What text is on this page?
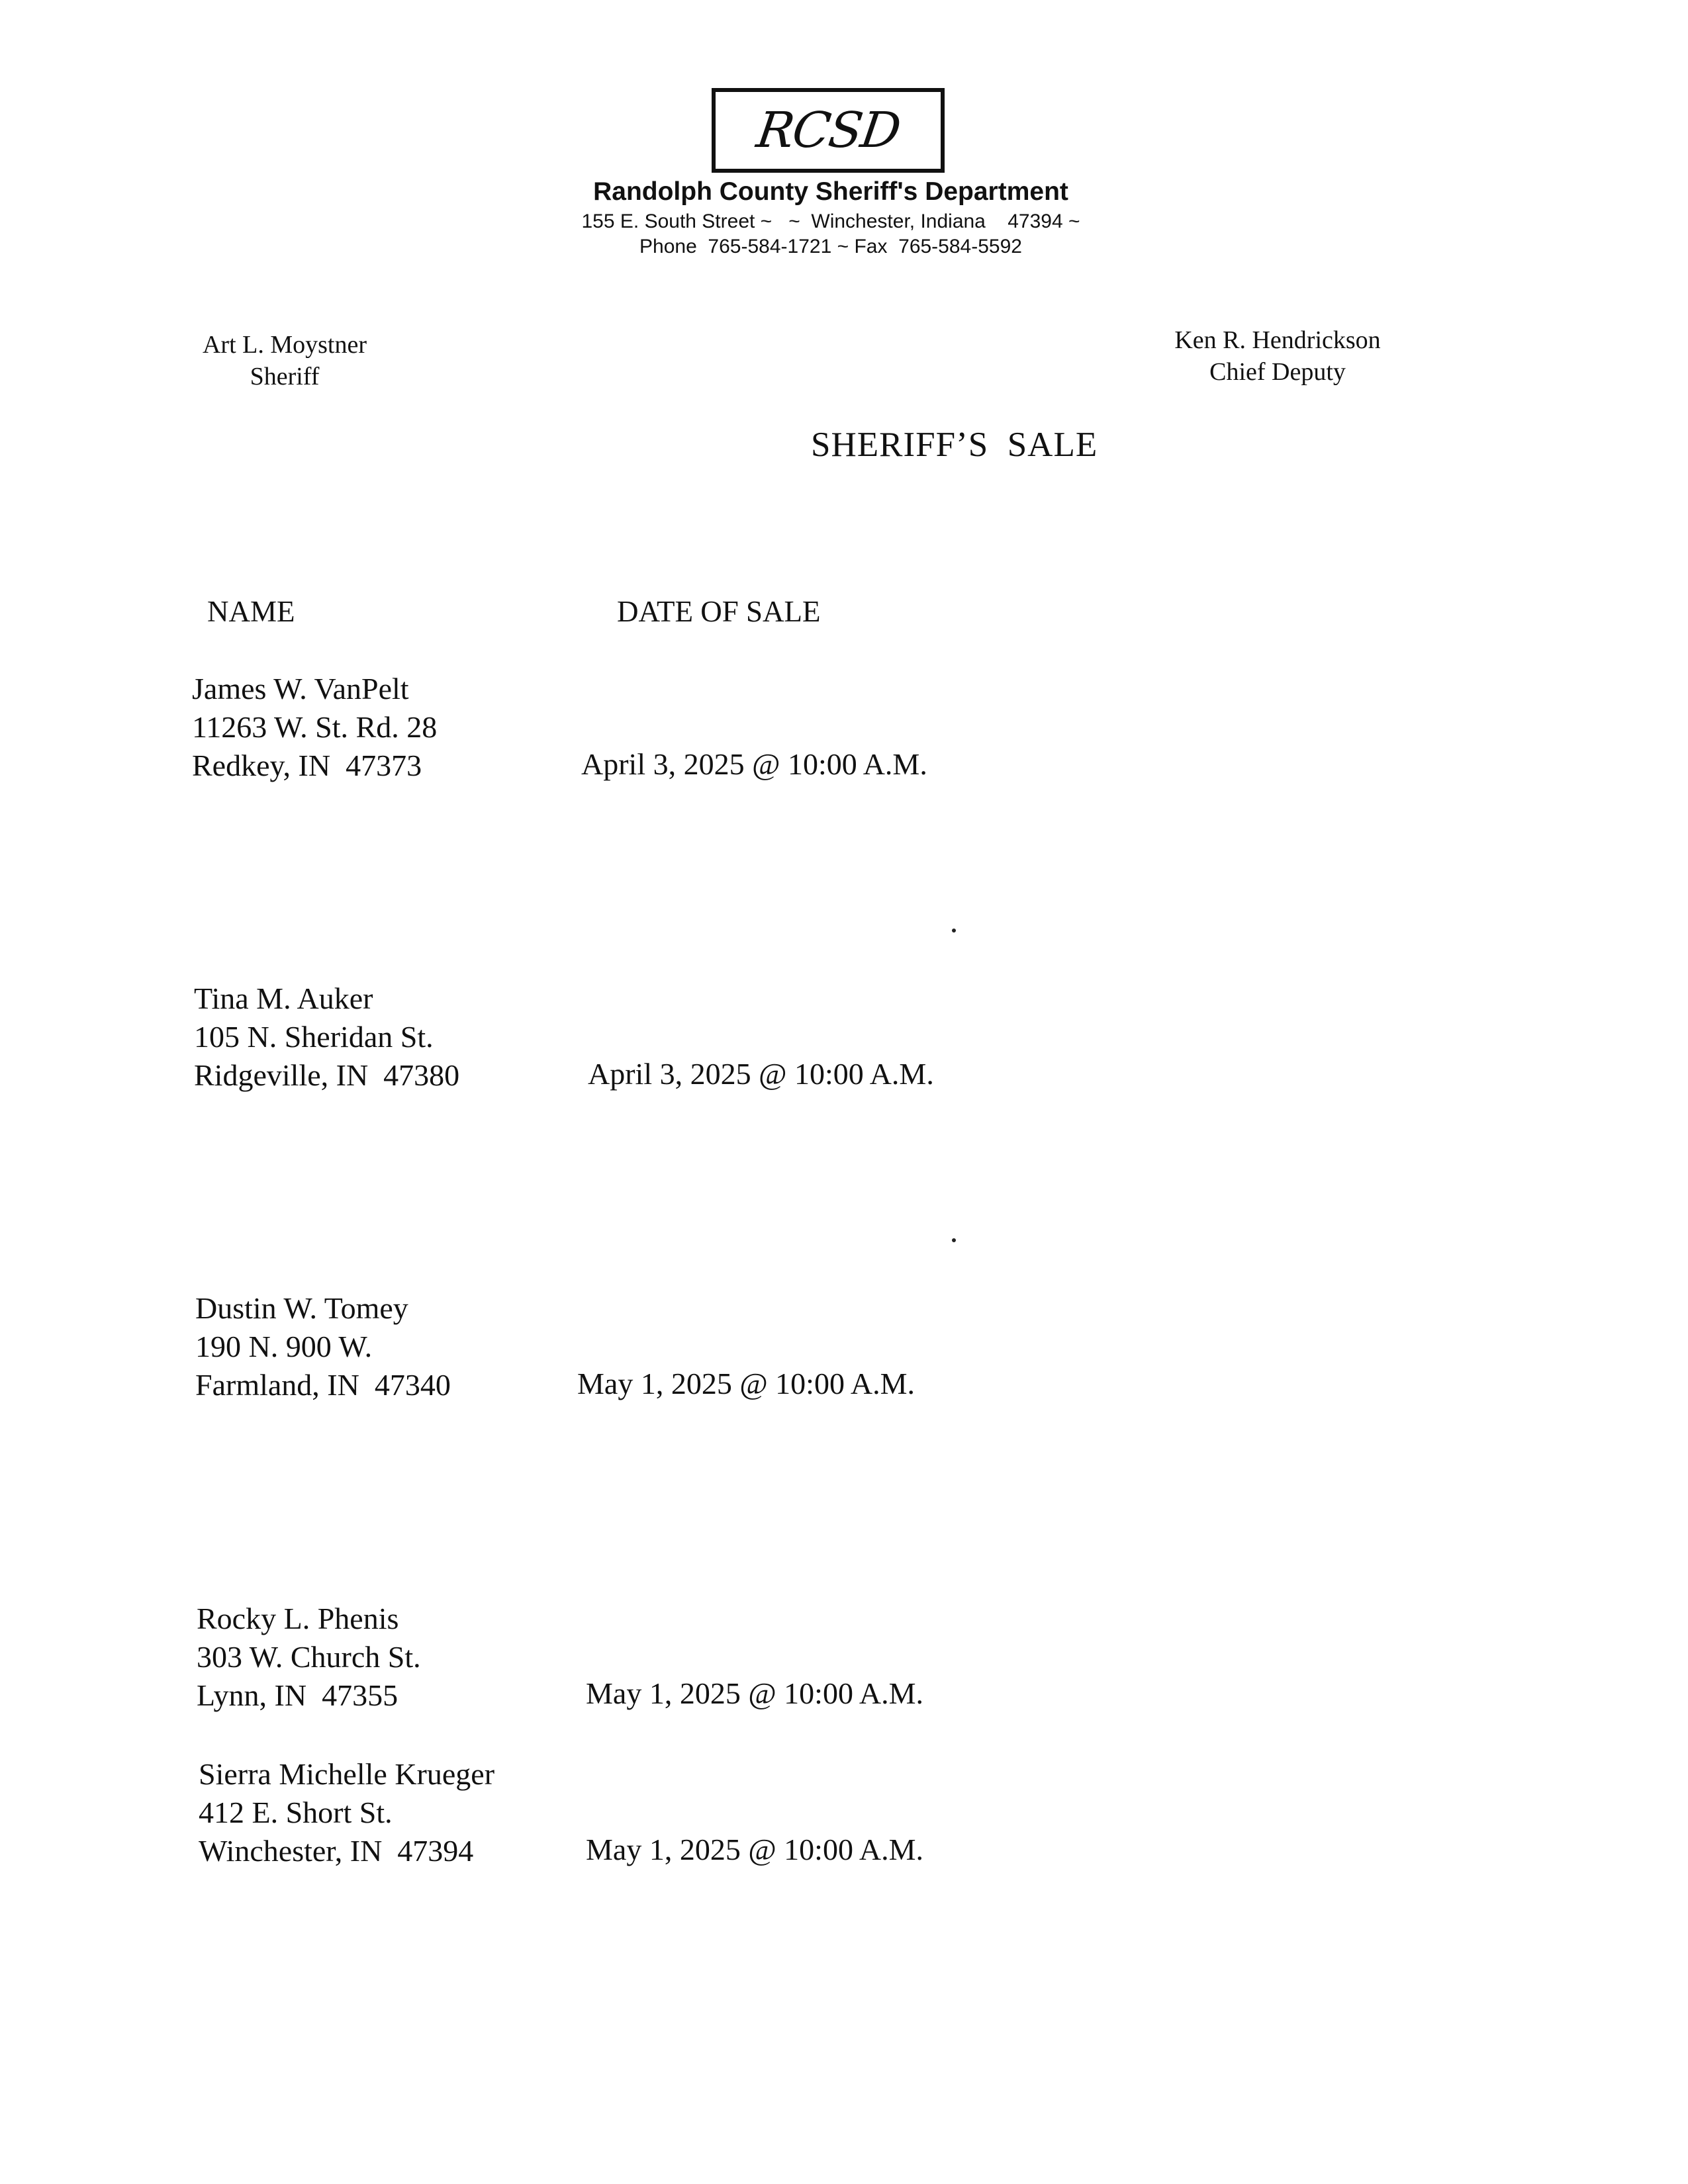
RCSD
Randolph County Sheriff's Department
155 E. South Street ~   ~  Winchester, Indiana    47394 ~
Phone  765-584-1721 ~ Fax  765-584-5592
Art L. Moystner
Sheriff
Ken R. Hendrickson
Chief Deputy
SHERIFF’S  SALE
NAME	DATE OF SALE
James W. VanPelt
11263 W. St. Rd. 28
Redkey, IN  47373	April 3, 2025 @ 10:00 A.M.
Tina M. Auker
105 N. Sheridan St.
Ridgeville, IN  47380	April 3, 2025 @ 10:00 A.M.
Dustin W. Tomey
190 N. 900 W.
Farmland, IN  47340	May 1, 2025 @ 10:00 A.M.
Rocky L. Phenis
303 W. Church St.
Lynn, IN  47355	May 1, 2025 @ 10:00 A.M.
Sierra Michelle Krueger
412 E. Short St.
Winchester, IN  47394	May 1, 2025 @ 10:00 A.M.
